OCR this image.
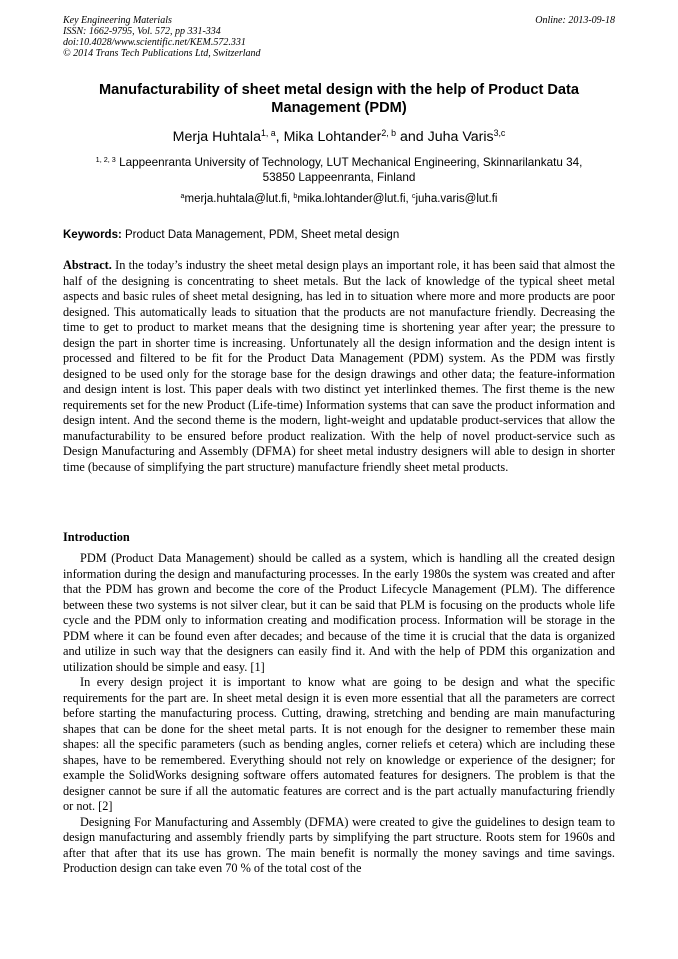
Key Engineering Materials
ISSN: 1662-9795, Vol. 572, pp 331-334
doi:10.4028/www.scientific.net/KEM.572.331
© 2014 Trans Tech Publications Ltd, Switzerland
Online: 2013-09-18
Manufacturability of sheet metal design with the help of Product Data Management (PDM)
Merja Huhtala$^{1, a}$, Mika Lohtander$^{2, b}$ and Juha Varis$^{3,c}$
$^{1, 2, 3}$ Lappeenranta University of Technology, LUT Mechanical Engineering, Skinnarilankatu 34,
53850 Lappeenranta, Finland
$^a$merja.huhtala@lut.fi, $^b$mika.lohtander@lut.fi, $^c$juha.varis@lut.fi
Keywords: Product Data Management, PDM, Sheet metal design
Abstract. In the today’s industry the sheet metal design plays an important role, it has been said that almost the half of the designing is concentrating to sheet metals. But the lack of knowledge of the typical sheet metal aspects and basic rules of sheet metal designing, has led in to situation where more and more products are poor designed. This automatically leads to situation that the products are not manufacture friendly. Decreasing the time to get to product to market means that the designing time is shortening year after year; the pressure to design the part in shorter time is increasing. Unfortunately all the design information and the design intent is processed and filtered to be fit for the Product Data Management (PDM) system. As the PDM was firstly designed to be used only for the storage base for the design drawings and other data; the feature-information and design intent is lost. This paper deals with two distinct yet interlinked themes. The first theme is the new requirements set for the new Product (Life-time) Information systems that can save the product information and design intent. And the second theme is the modern, light-weight and updatable product-services that allow the manufacturability to be ensured before product realization. With the help of novel product-service such as Design Manufacturing and Assembly (DFMA) for sheet metal industry designers will able to design in shorter time (because of simplifying the part structure) manufacture friendly sheet metal products.
Introduction

PDM (Product Data Management) should be called as a system, which is handling all the created design information during the design and manufacturing processes. In the early 1980s the system was created and after that the PDM has grown and become the core of the Product Lifecycle Management (PLM). The difference between these two systems is not silver clear, but it can be said that PLM is focusing on the products whole life cycle and the PDM only to information creating and modification process. Information will be storage in the PDM where it can be found even after decades; and because of the time it is crucial that the data is organized and utilize in such way that the designers can easily find it. And with the help of PDM this organization and utilization should be simple and easy. [1]

In every design project it is important to know what are going to be design and what the specific requirements for the part are. In sheet metal design it is even more essential that all the parameters are correct before starting the manufacturing process. Cutting, drawing, stretching and bending are main manufacturing shapes that can be done for the sheet metal parts. It is not enough for the designer to remember these main shapes: all the specific parameters (such as bending angles, corner reliefs et cetera) which are including these shapes, have to be remembered. Everything should not rely on knowledge or experience of the designer; for example the SolidWorks designing software offers automated features for designers. The problem is that the designer cannot be sure if all the automatic features are correct and is the part actually manufacturing friendly or not. [2]

Designing For Manufacturing and Assembly (DFMA) were created to give the guidelines to design team to design manufacturing and assembly friendly parts by simplifying the part structure. Roots stem for 1960s and after that after that its use has grown. The main benefit is normally the money savings and time savings. Production design can take even 70 % of the total cost of the
